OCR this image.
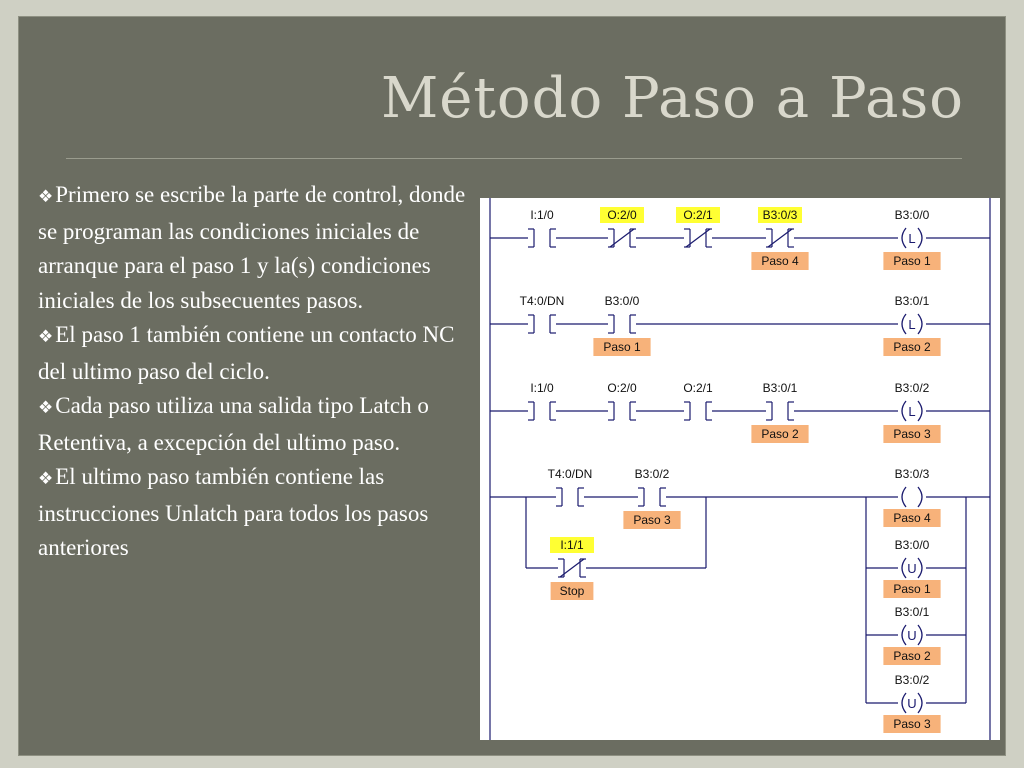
Método Paso a Paso

❖Primero se escribe la parte de control, donde se programan las condiciones iniciales de arranque para el paso 1 y la(s) condiciones iniciales de los subsecuentes pasos.

❖El paso 1 también contiene un contacto NC del ultimo paso del ciclo.

❖Cada paso utiliza una salida tipo Latch o Retentiva, a excepción del ultimo paso.

❖El ultimo paso también contiene las instrucciones Unlatch para todos los pasos anteriores

I:1/0	O:2/0	O:2/1	B3:0/3
Paso 4
L
B3:0/0
Paso 1
T4:0/DN	B3:0/0
Paso 1
L
B3:0/1
Paso 2
I:1/0	O:2/0	O:2/1	B3:0/1
Paso 2
L
B3:0/2
Paso 3
T4:0/DN	B3:0/2
Paso 3
I:1/1
Stop
B3:0/3
Paso 4
U
B3:0/0
Paso 1
U
B3:0/1
Paso 2
U
B3:0/2
Paso 3
